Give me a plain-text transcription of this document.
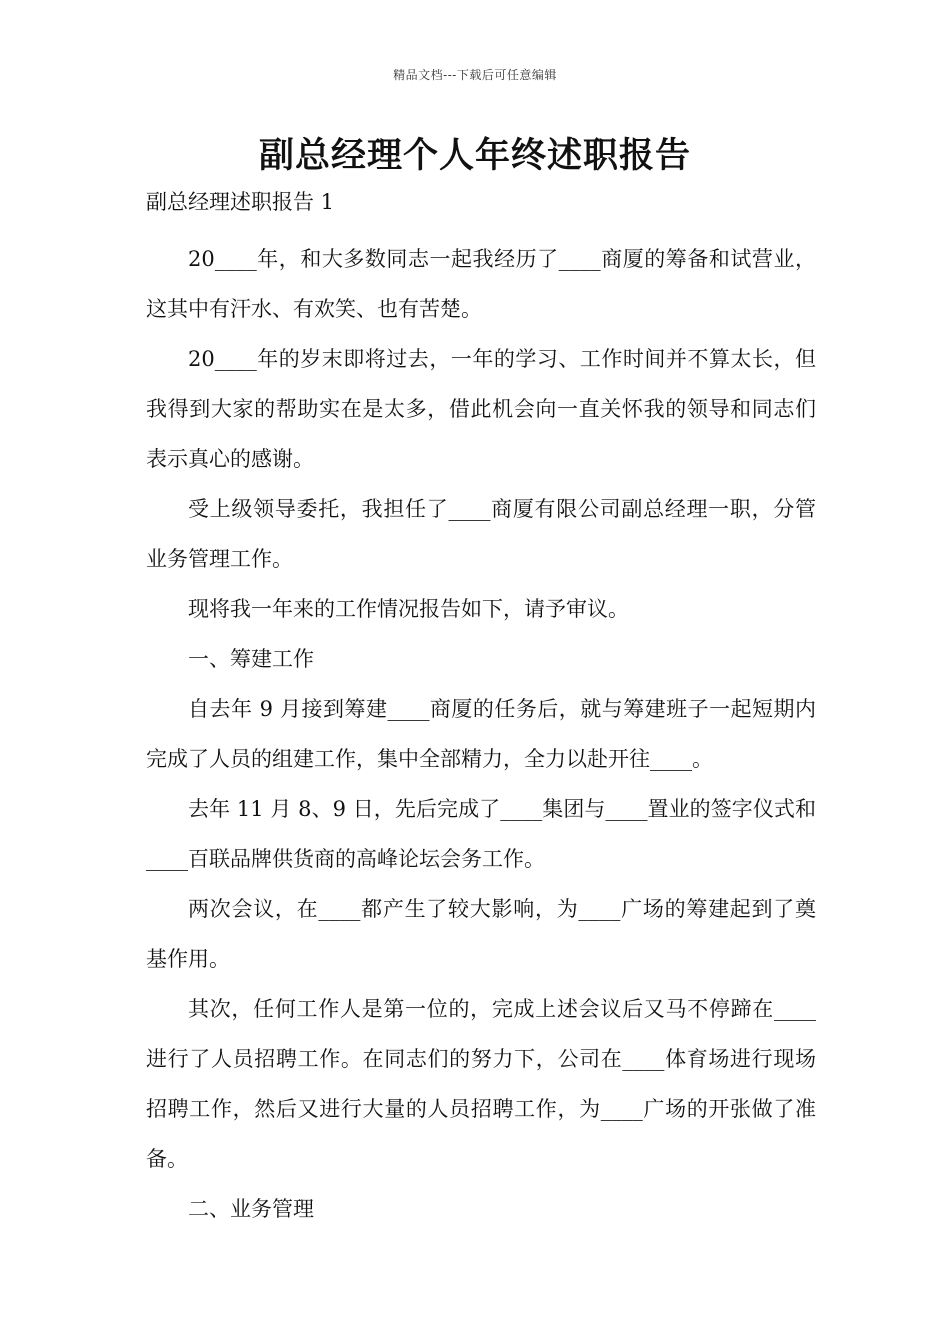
精品文档---下载后可任意编辑
副总经理个人年终述职报告

副总经理述职报告 1

20____年，和大多数同志一起我经历了____商厦的筹备和试营业，这其中有汗水、有欢笑、也有苦楚。

20____年的岁末即将过去，一年的学习、工作时间并不算太长，但我得到大家的帮助实在是太多，借此机会向一直关怀我的领导和同志们表示真心的感谢。

受上级领导委托，我担任了____商厦有限公司副总经理一职，分管业务管理工作。

现将我一年来的工作情况报告如下，请予审议。

一、筹建工作

自去年 9 月接到筹建____商厦的任务后，就与筹建班子一起短期内完成了人员的组建工作，集中全部精力，全力以赴开往____。

去年 11 月 8、9 日，先后完成了____集团与____置业的签字仪式和____百联品牌供货商的高峰论坛会务工作。

两次会议，在____都产生了较大影响，为____广场的筹建起到了奠基作用。

其次，任何工作人是第一位的，完成上述会议后又马不停蹄在____进行了人员招聘工作。在同志们的努力下，公司在____体育场进行现场招聘工作，然后又进行大量的人员招聘工作，为____广场的开张做了准备。

二、业务管理
